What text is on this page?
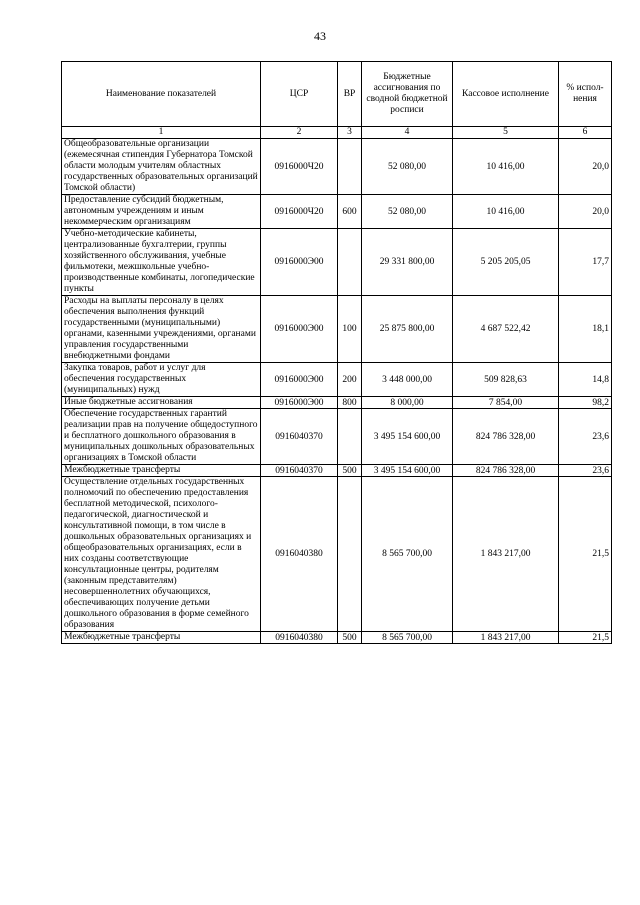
43
Наименование показателей	ЦСР	ВР	Бюджетные ассигнования по сводной бюджетной росписи	Кассовое исполнение	% испол-нения
1	2	3	4	5	6
Общеобразовательные организации (ежемесячная стипендия Губернатора Томской области молодым учителям областных государственных образовательных организаций Томской области)	0916000Ч20		52 080,00	10 416,00	20,0
Предоставление субсидий бюджетным, автономным учреждениям и иным некоммерческим организациям	0916000Ч20	600	52 080,00	10 416,00	20,0
Учебно-методические кабинеты, централизованные бухгалтерии, группы хозяйственного обслуживания, учебные фильмотеки, межшкольные учебно-производственные комбинаты, логопедические пункты	0916000Э00		29 331 800,00	5 205 205,05	17,7
Расходы на выплаты персоналу в целях обеспечения выполнения функций государственными (муниципальными) органами, казенными учреждениями, органами управления государственными внебюджетными фондами	0916000Э00	100	25 875 800,00	4 687 522,42	18,1
Закупка товаров, работ и услуг для обеспечения государственных (муниципальных) нужд	0916000Э00	200	3 448 000,00	509 828,63	14,8
Иные бюджетные ассигнования	0916000Э00	800	8 000,00	7 854,00	98,2
Обеспечение государственных гарантий реализации прав на получение общедоступного и бесплатного дошкольного образования в муниципальных дошкольных образовательных организациях в Томской области	0916040370		3 495 154 600,00	824 786 328,00	23,6
Межбюджетные трансферты	0916040370	500	3 495 154 600,00	824 786 328,00	23,6
Осуществление отдельных государственных полномочий по обеспечению предоставления бесплатной методической, психолого-педагогической, диагностической и консультативной помощи, в том числе в дошкольных образовательных организациях и общеобразовательных организациях, если в них созданы соответствующие консультационные центры, родителям (законным представителям) несовершеннолетних обучающихся, обеспечивающих получение детьми дошкольного образования в форме семейного образования	0916040380		8 565 700,00	1 843 217,00	21,5
Межбюджетные трансферты	0916040380	500	8 565 700,00	1 843 217,00	21,5
